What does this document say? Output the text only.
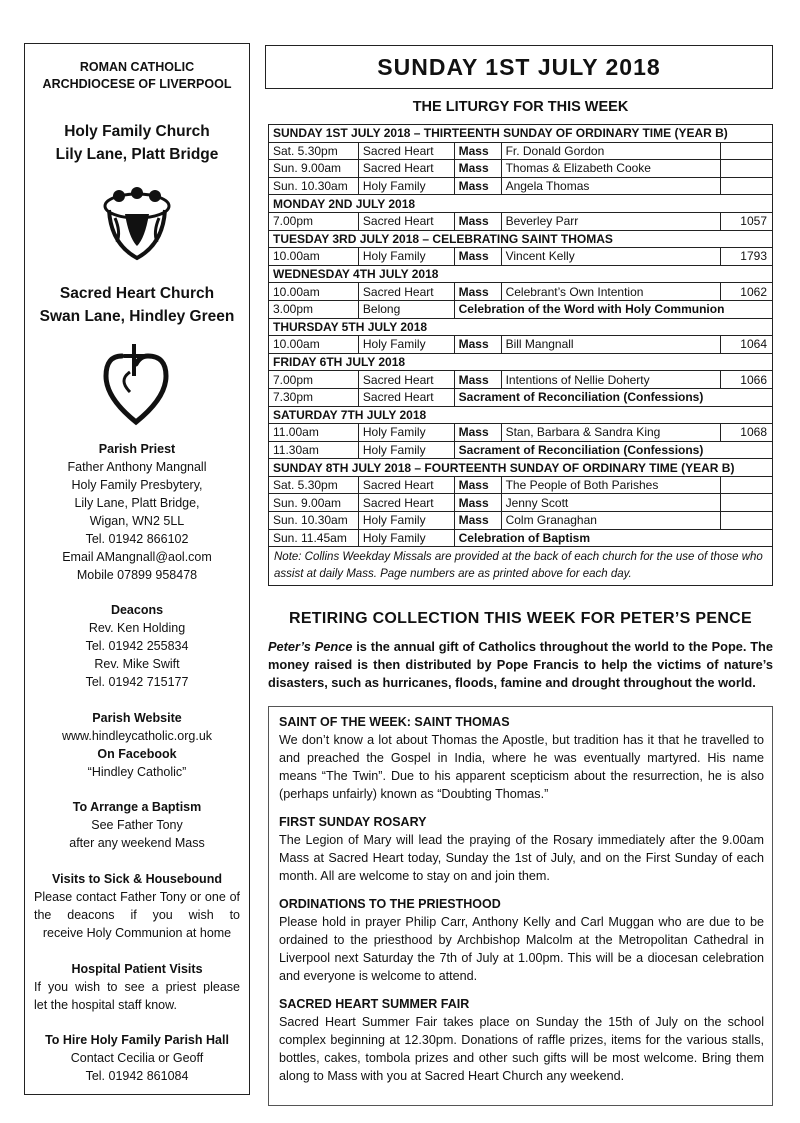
ROMAN CATHOLIC
ARCHDIOCESE OF LIVERPOOL
Holy Family Church
Lily Lane, Platt Bridge
Sacred Heart Church
Swan Lane, Hindley Green
Parish Priest
Father Anthony Mangnall
Holy Family Presbytery,
Lily Lane, Platt Bridge,
Wigan, WN2 5LL
Tel. 01942 866102
Email AMangnall@aol.com
Mobile 07899 958478
Deacons
Rev. Ken Holding
Tel. 01942 255834
Rev. Mike Swift
Tel. 01942 715177
Parish Website
www.hindleycatholic.org.uk
On Facebook
“Hindley Catholic”
To Arrange a Baptism
See Father Tony
after any weekend Mass
Visits to Sick & Housebound
Please contact Father Tony or one of the deacons if you wish to
receive Holy Communion at home
Hospital Patient Visits
If you wish to see a priest please
let the hospital staff know.
To Hire Holy Family Parish Hall
Contact Cecilia or Geoff
Tel. 01942 861084
SUNDAY 1ST JULY 2018
THE LITURGY FOR THIS WEEK
SUNDAY 1ST JULY 2018 – THIRTEENTH SUNDAY OF ORDINARY TIME (YEAR B)				
Sat. 5.30pm	Sacred Heart	Mass	Fr. Donald Gordon	
Sun. 9.00am	Sacred Heart	Mass	Thomas & Elizabeth Cooke	
Sun. 10.30am	Holy Family	Mass	Angela Thomas	
MONDAY 2ND JULY 2018				
7.00pm	Sacred Heart	Mass	Beverley Parr	1057
TUESDAY 3RD JULY 2018 – CELEBRATING SAINT THOMAS				
10.00am	Holy Family	Mass	Vincent Kelly	1793
WEDNESDAY 4TH JULY 2018				
10.00am	Sacred Heart	Mass	Celebrant’s Own Intention	1062
3.00pm	Belong	Celebration of the Word with Holy Communion		
THURSDAY 5TH JULY 2018				
10.00am	Holy Family	Mass	Bill Mangnall	1064
FRIDAY 6TH JULY 2018				
7.00pm	Sacred Heart	Mass	Intentions of Nellie Doherty	1066
7.30pm	Sacred Heart	Sacrament of Reconciliation (Confessions)		
SATURDAY 7TH JULY 2018				
11.00am	Holy Family	Mass	Stan, Barbara & Sandra King	1068
11.30am	Holy Family	Sacrament of Reconciliation (Confessions)		
SUNDAY 8TH JULY 2018 – FOURTEENTH SUNDAY OF ORDINARY TIME (YEAR B)				
Sat. 5.30pm	Sacred Heart	Mass	The People of Both Parishes	
Sun. 9.00am	Sacred Heart	Mass	Jenny Scott	
Sun. 10.30am	Holy Family	Mass	Colm Granaghan	
Sun. 11.45am	Holy Family	Celebration of Baptism		
Note: Collins Weekday Missals are provided at the back of each church for the use of those who assist at daily Mass. Page numbers are as printed above for each day.				
RETIRING COLLECTION THIS WEEK FOR PETER’S PENCE
Peter’s Pence is the annual gift of Catholics throughout the world to the Pope. The money raised is then distributed by Pope Francis to help the victims of nature’s disasters, such as hurricanes, floods, famine and drought throughout the world.
SAINT OF THE WEEK: SAINT THOMAS

We don’t know a lot about Thomas the Apostle, but tradition has it that he travelled to and preached the Gospel in India, where he was eventually martyred. His name means “The Twin”. Due to his apparent scepticism about the resurrection, he is also (perhaps unfairly) known as “Doubting Thomas.”

FIRST SUNDAY ROSARY

The Legion of Mary will lead the praying of the Rosary immediately after the 9.00am Mass at Sacred Heart today, Sunday the 1st of July, and on the First Sunday of each month. All are welcome to stay on and join them.

ORDINATIONS TO THE PRIESTHOOD

Please hold in prayer Philip Carr, Anthony Kelly and Carl Muggan who are due to be ordained to the priesthood by Archbishop Malcolm at the Metropolitan Cathedral in Liverpool next Saturday the 7th of July at 1.00pm. This will be a diocesan celebration and everyone is welcome to attend.

SACRED HEART SUMMER FAIR

Sacred Heart Summer Fair takes place on Sunday the 15th of July on the school complex beginning at 12.30pm. Donations of raffle prizes, items for the various stalls, bottles, cakes, tombola prizes and other such gifts will be most welcome. Bring them along to Mass with you at Sacred Heart Church any weekend.
